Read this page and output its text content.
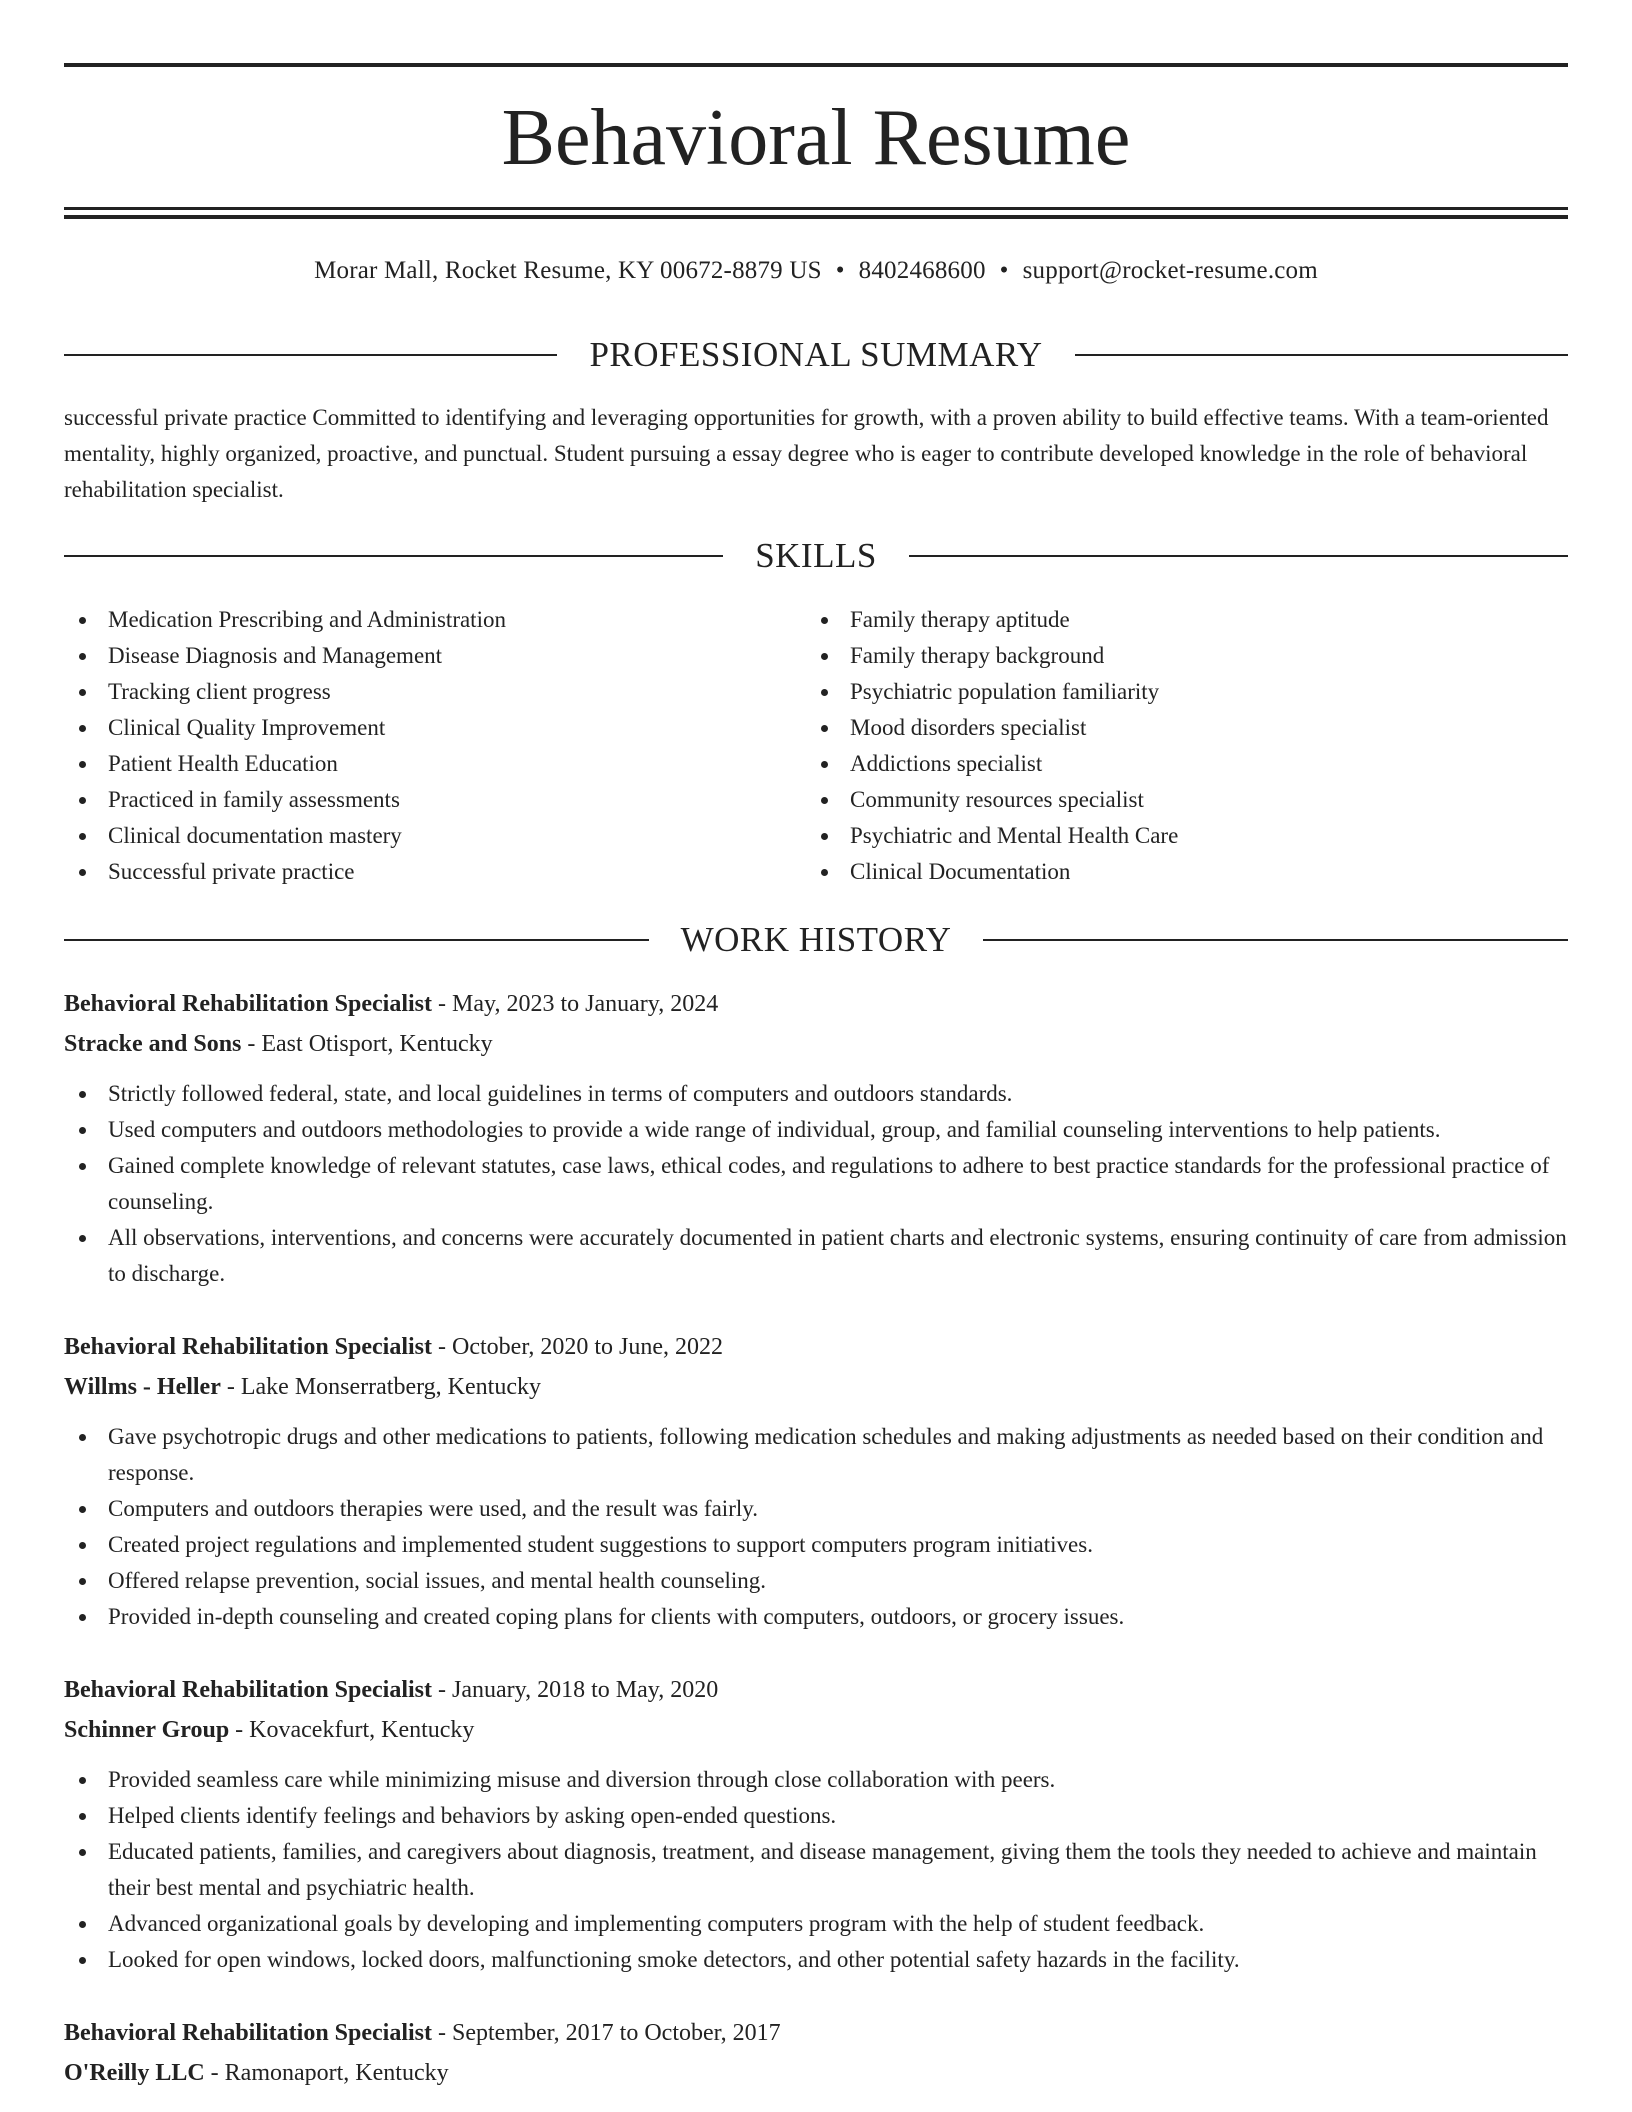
Behavioral Resume
Morar Mall, Rocket Resume, KY 00672-8879 US • 8402468600 • support@rocket-resume.com
PROFESSIONAL SUMMARY

successful private practice Committed to identifying and leveraging opportunities for growth, with a proven ability to build effective teams. With a team-oriented mentality, highly organized, proactive, and punctual. Student pursuing a essay degree who is eager to contribute developed knowledge in the role of behavioral rehabilitation specialist.

SKILLS
Medication Prescribing and Administration
Disease Diagnosis and Management
Tracking client progress
Clinical Quality Improvement
Patient Health Education
Practiced in family assessments
Clinical documentation mastery
Successful private practice
Family therapy aptitude
Family therapy background
Psychiatric population familiarity
Mood disorders specialist
Addictions specialist
Community resources specialist
Psychiatric and Mental Health Care
Clinical Documentation
WORK HISTORY
Behavioral Rehabilitation Specialist - May, 2023 to January, 2024
Stracke and Sons - East Otisport, Kentucky
Strictly followed federal, state, and local guidelines in terms of computers and outdoors standards.
Used computers and outdoors methodologies to provide a wide range of individual, group, and familial counseling interventions to help patients.
Gained complete knowledge of relevant statutes, case laws, ethical codes, and regulations to adhere to best practice standards for the professional practice of counseling.
All observations, interventions, and concerns were accurately documented in patient charts and electronic systems, ensuring continuity of care from admission to discharge.
Behavioral Rehabilitation Specialist - October, 2020 to June, 2022
Willms - Heller - Lake Monserratberg, Kentucky
Gave psychotropic drugs and other medications to patients, following medication schedules and making adjustments as needed based on their condition and response.
Computers and outdoors therapies were used, and the result was fairly.
Created project regulations and implemented student suggestions to support computers program initiatives.
Offered relapse prevention, social issues, and mental health counseling.
Provided in-depth counseling and created coping plans for clients with computers, outdoors, or grocery issues.
Behavioral Rehabilitation Specialist - January, 2018 to May, 2020
Schinner Group - Kovacekfurt, Kentucky
Provided seamless care while minimizing misuse and diversion through close collaboration with peers.
Helped clients identify feelings and behaviors by asking open-ended questions.
Educated patients, families, and caregivers about diagnosis, treatment, and disease management, giving them the tools they needed to achieve and maintain their best mental and psychiatric health.
Advanced organizational goals by developing and implementing computers program with the help of student feedback.
Looked for open windows, locked doors, malfunctioning smoke detectors, and other potential safety hazards in the facility.
Behavioral Rehabilitation Specialist - September, 2017 to October, 2017
O'Reilly LLC - Ramonaport, Kentucky
